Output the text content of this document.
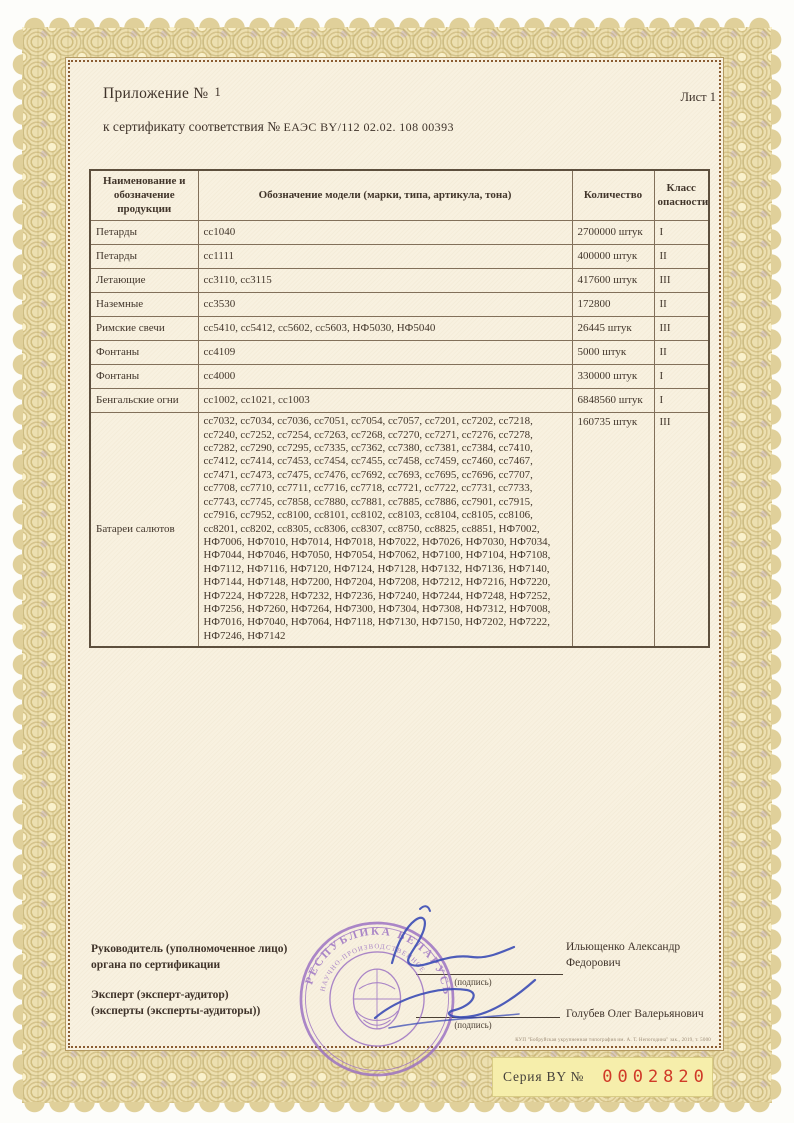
Приложение № 1	Лист 1
к сертификату соответствия № ЕАЭС BY/112 02.02. 108 00393
Наименование и обозначение продукции	Обозначение модели (марки, типа, артикула, тона)	Количество	Класс опасности
Петарды	cc1040	2700000 штук	I
Петарды	cc1111	400000 штук	II
Летающие	cc3110, cc3115	417600 штук	III
Наземные	cc3530	172800	II
Римские свечи	cc5410, cc5412, cc5602, cc5603, НФ5030, НФ5040	26445 штук	III
Фонтаны	cc4109	5000 штук	II
Фонтаны	cc4000	330000 штук	I
Бенгальские огни	cc1002, cc1021, cc1003	6848560 штук	I
Батареи салютов	cc7032, cc7034, cc7036, cc7051, cc7054, cc7057, cc7201, cc7202, cc7218, cc7240, cc7252, cc7254, cc7263, cc7268, cc7270, cc7271, cc7276, cc7278, cc7282, cc7290, cc7295, cc7335, cc7362, cc7380, cc7381, cc7384, cc7410, cc7412, cc7414, cc7453, cc7454, cc7455, cc7458, cc7459, cc7460, cc7467, cc7471, cc7473, cc7475, cc7476, cc7692, cc7693, cc7695, cc7696, cc7707, cc7708, cc7710, cc7711, cc7716, cc7718, cc7721, cc7722, cc7731, cc7733, cc7743, cc7745, cc7858, cc7880, cc7881, cc7885, cc7886, cc7901, cc7915, cc7916, cc7952, cc8100, cc8101, cc8102, cc8103, cc8104, cc8105, cc8106, cc8201, cc8202, cc8305, cc8306, cc8307, cc8750, cc8825, cc8851, НФ7002, НФ7006, НФ7010, НФ7014, НФ7018, НФ7022, НФ7026, НФ7030, НФ7034, НФ7044, НФ7046, НФ7050, НФ7054, НФ7062, НФ7100, НФ7104, НФ7108, НФ7112, НФ7116, НФ7120, НФ7124, НФ7128, НФ7132, НФ7136, НФ7140, НФ7144, НФ7148, НФ7200, НФ7204, НФ7208, НФ7212, НФ7216, НФ7220, НФ7224, НФ7228, НФ7232, НФ7236, НФ7240, НФ7244, НФ7248, НФ7252, НФ7256, НФ7260, НФ7264, НФ7300, НФ7304, НФ7308, НФ7312, НФ7008, НФ7016, НФ7040, НФ7064, НФ7118, НФ7130, НФ7150, НФ7202, НФ7222, НФ7246, НФ7142	160735 штук	III
Руководитель (уполномоченное лицо)
органа по сертификации
Эксперт (эксперт-аудитор)
(эксперты (эксперты-аудиторы))
(подпись)
(подпись)
Ильющенко Александр
Федорович
Голубев Олег Валерьянович
КУП "Бобруйская укрупненная типография им. А. Т. Непогодина" зак., 2019, т. 5000
РЕСПУБЛИКА БЕЛАРУСЬ
НАУЧНО-ПРОИЗВОДСТВЕННОЕ
Серия BY № 0002820
